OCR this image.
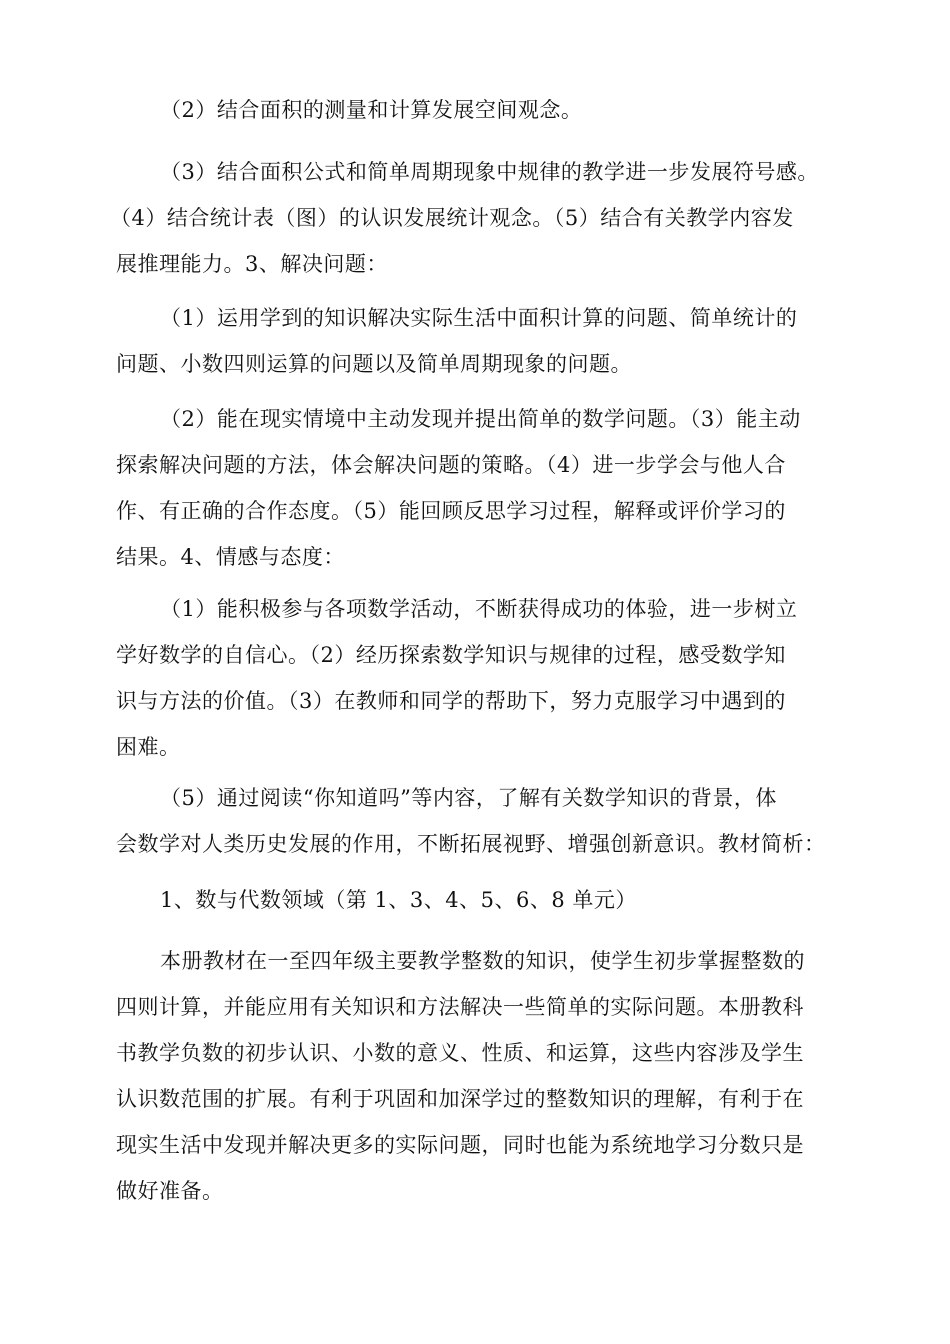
（2）结合面积的测量和计算发展空间观念。

（3）结合面积公式和简单周期现象中规律的教学进一步发展符号感。
（4）结合统计表（图）的认识发展统计观念。（5）结合有关教学内容发
展推理能力。3、解决问题：

（1）运用学到的知识解决实际生活中面积计算的问题、简单统计的
问题、小数四则运算的问题以及简单周期现象的问题。

（2）能在现实情境中主动发现并提出简单的数学问题。（3）能主动
探索解决问题的方法，体会解决问题的策略。（4）进一步学会与他人合
作、有正确的合作态度。（5）能回顾反思学习过程，解释或评价学习的
结果。4、情感与态度：

（1）能积极参与各项数学活动，不断获得成功的体验，进一步树立
学好数学的自信心。（2）经历探索数学知识与规律的过程，感受数学知
识与方法的价值。（3）在教师和同学的帮助下，努力克服学习中遇到的
困难。

（5）通过阅读“你知道吗”等内容，了解有关数学知识的背景，体
会数学对人类历史发展的作用，不断拓展视野、增强创新意识。教材简析：

1、数与代数领域（第 1、3、4、5、6、8 单元）

本册教材在一至四年级主要教学整数的知识，使学生初步掌握整数的
四则计算，并能应用有关知识和方法解决一些简单的实际问题。本册教科
书教学负数的初步认识、小数的意义、性质、和运算，这些内容涉及学生
认识数范围的扩展。有利于巩固和加深学过的整数知识的理解，有利于在
现实生活中发现并解决更多的实际问题，同时也能为系统地学习分数只是
做好准备。
